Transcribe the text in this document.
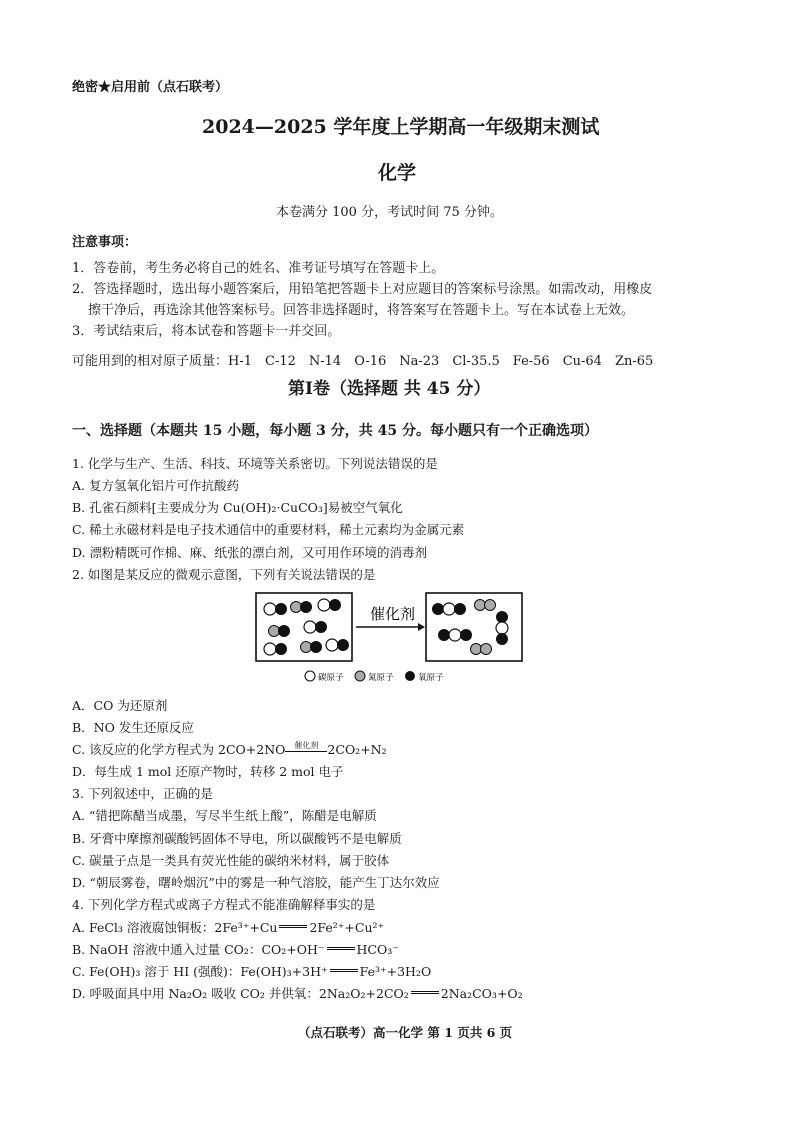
绝密★启用前（点石联考）
2024—2025 学年度上学期高一年级期末测试
化学
本卷满分 100 分，考试时间 75 分钟。
注意事项：
1．答卷前，考生务必将自己的姓名、准考证号填写在答题卡上。
2．答选择题时，选出每小题答案后，用铅笔把答题卡上对应题目的答案标号涂黑。如需改动，用橡皮
擦干净后，再选涂其他答案标号。回答非选择题时，将答案写在答题卡上。写在本试卷上无效。
3．考试结束后，将本试卷和答题卡一并交回。
可能用到的相对原子质量：H-1　C-12　N-14　O-16　Na-23　Cl-35.5　Fe-56　Cu-64　Zn-65
第Ⅰ卷（选择题 共 45 分）
一、选择题（本题共 15 小题，每小题 3 分，共 45 分。每小题只有一个正确选项）
1. 化学与生产、生活、科技、环境等关系密切。下列说法错误的是
A. 复方氢氧化铝片可作抗酸药
B. 孔雀石颜料[主要成分为 Cu(OH)₂·CuCO₃]易被空气氧化
C. 稀土永磁材料是电子技术通信中的重要材料，稀土元素均为金属元素
D. 漂粉精既可作棉、麻、纸张的漂白剂，又可用作环境的消毒剂
2. 如图是某反应的微观示意图，下列有关说法错误的是
催化剂
碳原子	氮原子	氧原子
A．CO 为还原剂
B．NO 发生还原反应
C. 该反应的化学方程式为 2CO+2NO 催化剂 2CO₂+N₂
D．每生成 1 mol 还原产物时，转移 2 mol 电子
3. 下列叙述中，正确的是
A. “错把陈醋当成墨，写尽半生纸上酸”，陈醋是电解质
B. 牙膏中摩擦剂碳酸钙固体不导电，所以碳酸钙不是电解质
C. 碳量子点是一类具有荧光性能的碳纳米材料，属于胶体
D. “朝辰雾卷，曙岭烟沉”中的雾是一种气溶胶，能产生丁达尔效应
4. 下列化学方程式或离子方程式不能准确解释事实的是
A. FeCl₃ 溶液腐蚀铜板：2Fe³⁺+Cu	2Fe²⁺+Cu²⁺
B. NaOH 溶液中通入过量 CO₂：CO₂+OH⁻	HCO₃⁻
C. Fe(OH)₃ 溶于 HI (强酸)：Fe(OH)₃+3H⁺	Fe³⁺+3H₂O
D. 呼吸面具中用 Na₂O₂ 吸收 CO₂ 并供氧：2Na₂O₂+2CO₂	2Na₂CO₃+O₂
（点石联考）高一化学 第 1 页共 6 页
